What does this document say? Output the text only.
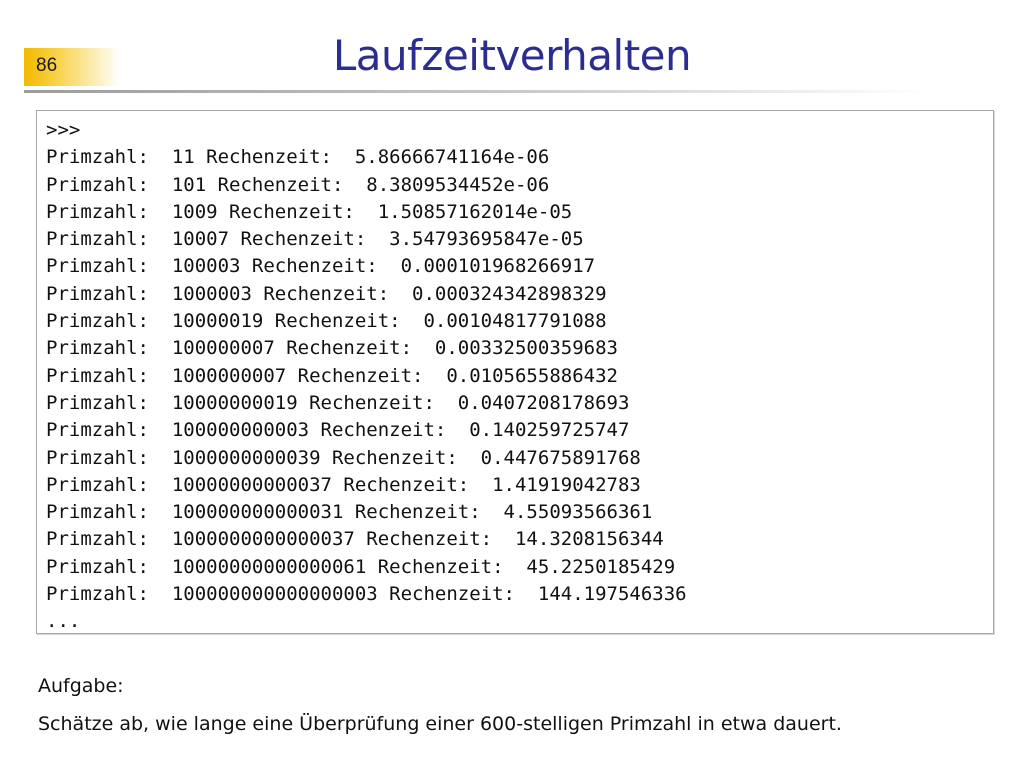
86	Laufzeitverhalten
>>>
Primzahl:  11 Rechenzeit:  5.86666741164e-06
Primzahl:  101 Rechenzeit:  8.3809534452e-06
Primzahl:  1009 Rechenzeit:  1.50857162014e-05
Primzahl:  10007 Rechenzeit:  3.54793695847e-05
Primzahl:  100003 Rechenzeit:  0.000101968266917
Primzahl:  1000003 Rechenzeit:  0.000324342898329
Primzahl:  10000019 Rechenzeit:  0.00104817791088
Primzahl:  100000007 Rechenzeit:  0.00332500359683
Primzahl:  1000000007 Rechenzeit:  0.0105655886432
Primzahl:  10000000019 Rechenzeit:  0.0407208178693
Primzahl:  100000000003 Rechenzeit:  0.140259725747
Primzahl:  1000000000039 Rechenzeit:  0.447675891768
Primzahl:  10000000000037 Rechenzeit:  1.41919042783
Primzahl:  100000000000031 Rechenzeit:  4.55093566361
Primzahl:  1000000000000037 Rechenzeit:  14.3208156344
Primzahl:  10000000000000061 Rechenzeit:  45.2250185429
Primzahl:  100000000000000003 Rechenzeit:  144.197546336
...
Aufgabe:
Schätze ab, wie lange eine Überprüfung einer 600-stelligen Primzahl in etwa dauert.
